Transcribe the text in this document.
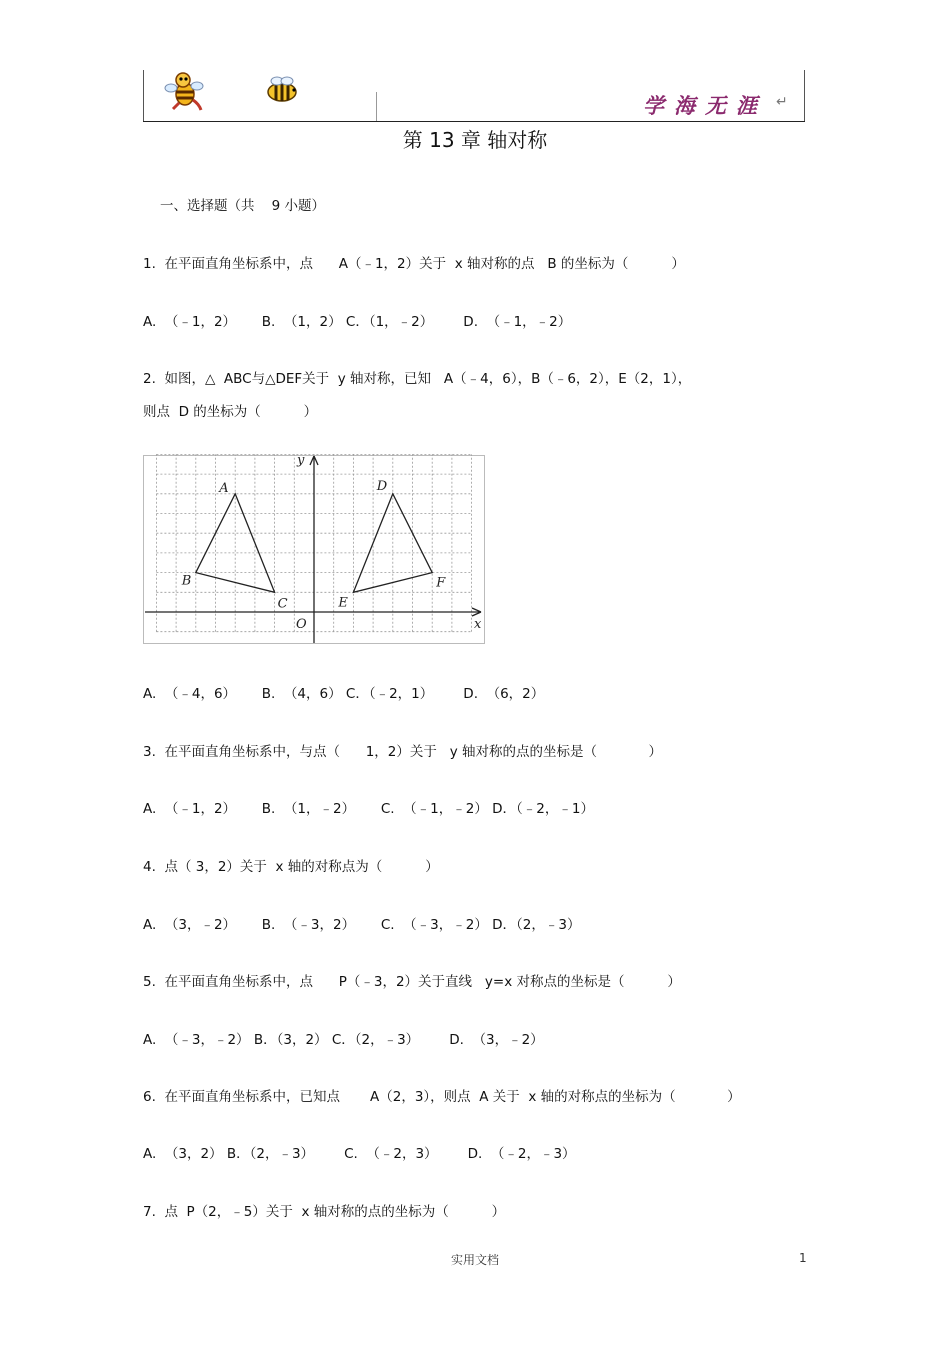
学海无涯 ↵
第 13 章 轴对称
一、选择题（共    9 小题）
1.  在平面直角坐标系中，点      A（﹣1，2）关于  x 轴对称的点   B 的坐标为（          ）
A.  （﹣1，2）      B.  （1，2） C．（1，﹣2）       D.  （﹣1，﹣2）
2.  如图，△  ABC与△DEF关于  y 轴对称，已知   A（﹣4，6），B（﹣6，2），E（2，1），
则点  D 的坐标为（          ）
A
B
C
D
E
F
O	x
y
A.  （﹣4，6）      B.  （4，6） C．（﹣2，1）       D.  （6，2）
3.  在平面直角坐标系中，与点（      1，2）关于   y 轴对称的点的坐标是（            ）
A.  （﹣1，2）      B.  （1，﹣2）      C.  （﹣1，﹣2） D．（﹣2，﹣1）
4.  点（ 3，2）关于  x 轴的对称点为（          ）
A.  （3，﹣2）      B.  （﹣3，2）      C.  （﹣3，﹣2） D．（2，﹣3）
5.  在平面直角坐标系中，点      P（﹣3，2）关于直线   y=x 对称点的坐标是（          ）
A.  （﹣3，﹣2） B．（3，2） C．（2，﹣3）       D.  （3，﹣2）
6.  在平面直角坐标系中，已知点       A（2，3），则点  A 关于  x 轴的对称点的坐标为（            ）
A.  （3，2） B．（2，﹣3）       C.  （﹣2，3）       D.  （﹣2，﹣3）
7.  点  P（2，﹣5）关于  x 轴对称的点的坐标为（          ）
实用文档	1
